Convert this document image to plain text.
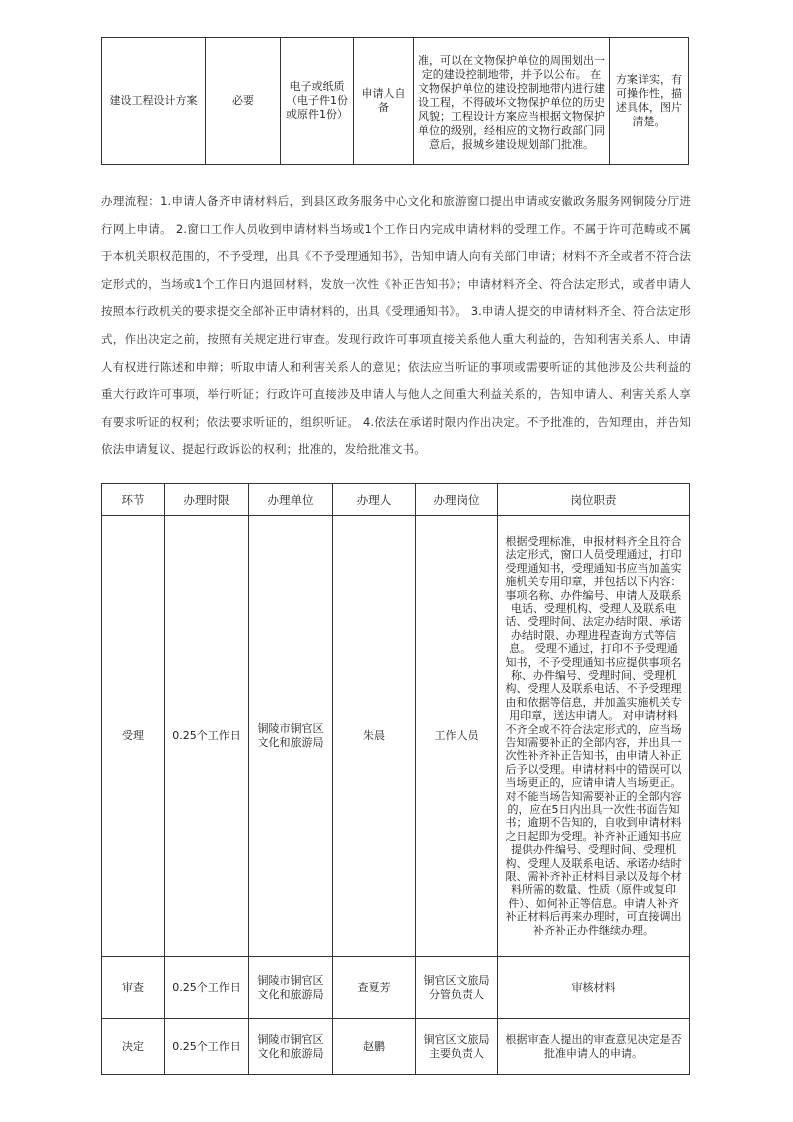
建设工程设计方案	必要	电子或纸质（电子件1份或原件1份）	申请人自备	准，可以在文物保护单位的周围划出一定的建设控制地带，并予以公布。 在文物保护单位的建设控制地带内进行建设工程，不得破坏文物保护单位的历史风貌；工程设计方案应当根据文物保护单位的级别，经相应的文物行政部门同意后，报城乡建设规划部门批准。	方案详实，有可操作性，描述具体，图片清楚。
办理流程：1.申请人备齐申请材料后，到县区政务服务中心文化和旅游窗口提出申请或安徽政务服务网铜陵分厅进行网上申请。 2.窗口工作人员收到申请材料当场或1个工作日内完成申请材料的受理工作。不属于许可范畴或不属于本机关职权范围的，不予受理，出具《不予受理通知书》，告知申请人向有关部门申请；材料不齐全或者不符合法定形式的，当场或1个工作日内退回材料，发放一次性《补正告知书》；申请材料齐全、符合法定形式，或者申请人按照本行政机关的要求提交全部补正申请材料的，出具《受理通知书》。 3.申请人提交的申请材料齐全、符合法定形式，作出决定之前，按照有关规定进行审查。发现行政许可事项直接关系他人重大利益的，告知利害关系人、申请人有权进行陈述和申辩；听取申请人和利害关系人的意见；依法应当听证的事项或需要听证的其他涉及公共利益的重大行政许可事项，举行听证；行政许可直接涉及申请人与他人之间重大利益关系的，告知申请人、利害关系人享有要求听证的权利；依法要求听证的，组织听证。 4.依法在承诺时限内作出决定。不予批准的，告知理由，并告知依法申请复议、提起行政诉讼的权利；批准的，发给批准文书。
环节	办理时限	办理单位	办理人	办理岗位	岗位职责
受理	0.25个工作日	铜陵市铜官区文化和旅游局	朱晨	工作人员	根据受理标准，申报材料齐全且符合法定形式，窗口人员受理通过，打印受理通知书，受理通知书应当加盖实施机关专用印章，并包括以下内容：事项名称、办件编号、申请人及联系电话、受理机构、受理人及联系电话、受理时间、法定办结时限、承诺办结时限、办理进程查询方式等信息。 受理不通过，打印不予受理通知书，不予受理通知书应提供事项名称、办件编号、受理时间、受理机构、受理人及联系电话、不予受理理由和依据等信息，并加盖实施机关专用印章，送达申请人。 对申请材料不齐全或不符合法定形式的，应当场告知需要补正的全部内容，并出具一次性补齐补正告知书，由申请人补正后予以受理。申请材料中的错误可以当场更正的，应请申请人当场更正。对不能当场告知需要补正的全部内容的，应在5日内出具一次性书面告知书；逾期不告知的，自收到申请材料之日起即为受理。补齐补正通知书应提供办件编号、受理时间、受理机构、受理人及联系电话、承诺办结时限、需补齐补正材料目录以及每个材料所需的数量、性质（原件或复印件）、如何补正等信息。申请人补齐补正材料后再来办理时，可直接调出补齐补正办件继续办理。
审查	0.25个工作日	铜陵市铜官区文化和旅游局	查夏芳	铜官区文旅局分管负责人	审核材料
决定	0.25个工作日	铜陵市铜官区文化和旅游局	赵鹏	铜官区文旅局主要负责人	根据审查人提出的审查意见决定是否批准申请人的申请。
